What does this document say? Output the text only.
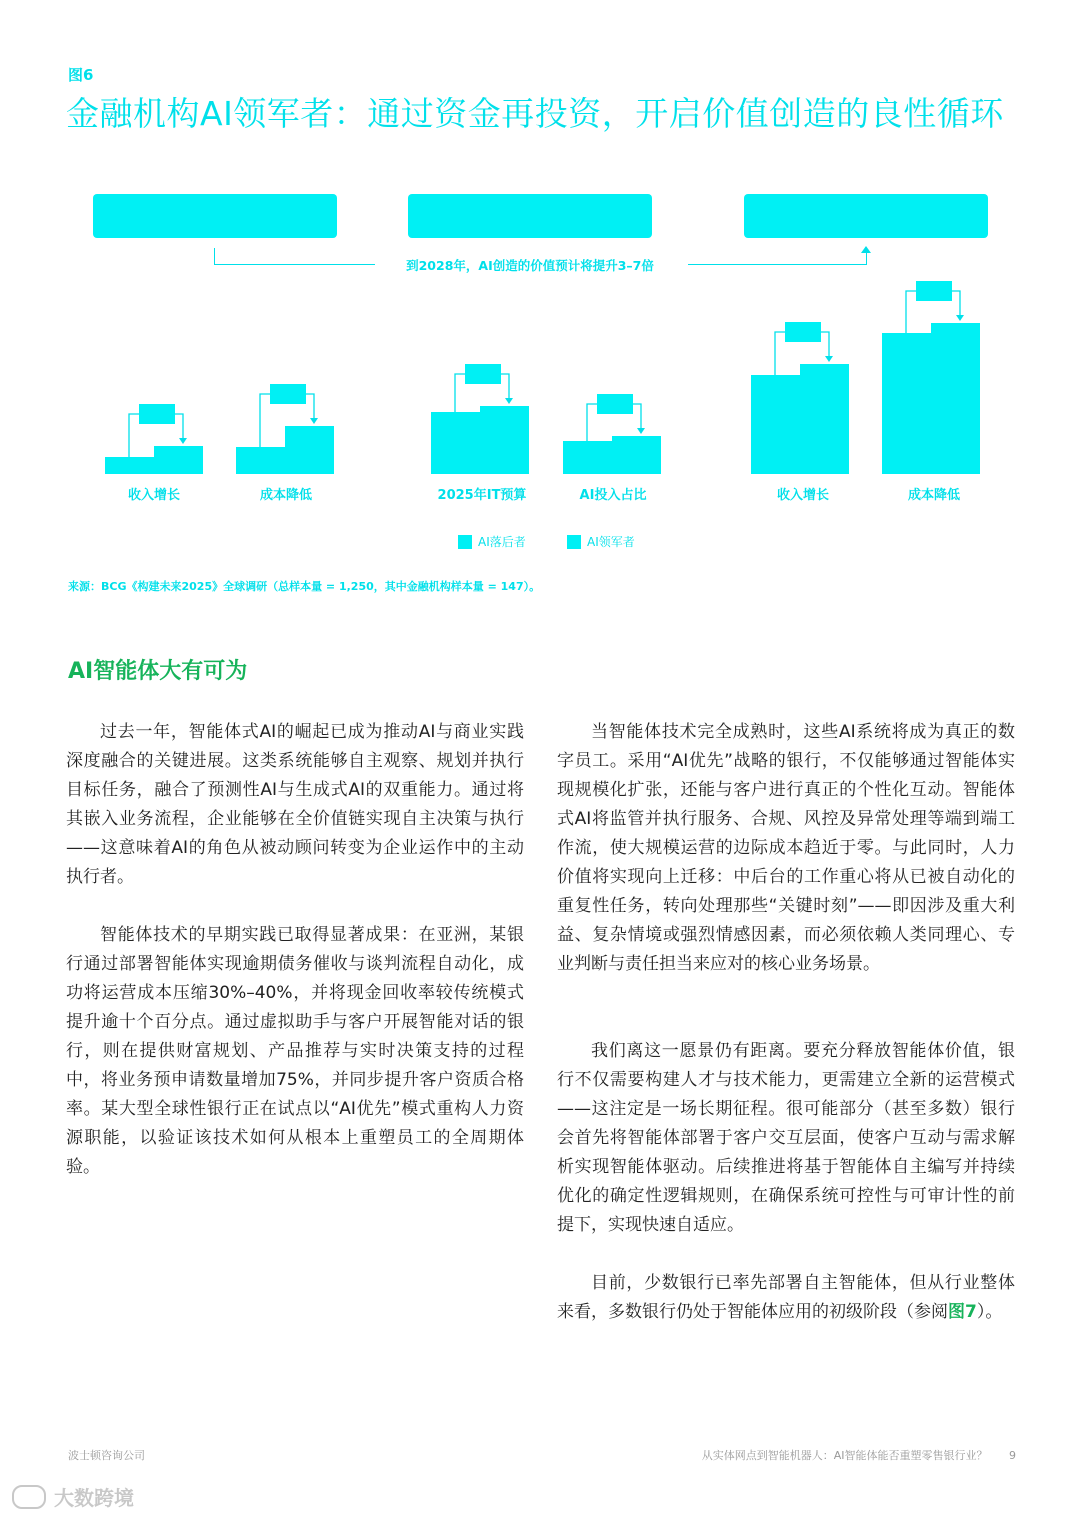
图6
金融机构AI领军者：通过资金再投资，开启价值创造的良性循环
到2028年，AI创造的价值预计将提升3–7倍
收入增长	成本降低	2025年IT预算	AI投入占比	收入增长	成本降低
AI落后者	AI领军者
来源：BCG《构建未来2025》全球调研（总样本量 = 1,250，其中金融机构样本量 = 147）。
AI智能体大有可为

过去一年，智能体式AI的崛起已成为推动AI与商业实践深度融合的关键进展。这类系统能够自主观察、规划并执行目标任务，融合了预测性AI与生成式AI的双重能力。通过将其嵌入业务流程，企业能够在全价值链实现自主决策与执行——这意味着AI的角色从被动顾问转变为企业运作中的主动执行者。

智能体技术的早期实践已取得显著成果：在亚洲，某银行通过部署智能体实现逾期债务催收与谈判流程自动化，成功将运营成本压缩30%–40%，并将现金回收率较传统模式提升逾十个百分点。通过虚拟助手与客户开展智能对话的银行，则在提供财富规划、产品推荐与实时决策支持的过程中，将业务预申请数量增加75%，并同步提升客户资质合格率。某大型全球性银行正在试点以“AI优先”模式重构人力资源职能，以验证该技术如何从根本上重塑员工的全周期体验。

当智能体技术完全成熟时，这些AI系统将成为真正的数字员工。采用“AI优先”战略的银行，不仅能够通过智能体实现规模化扩张，还能与客户进行真正的个性化互动。智能体式AI将监管并执行服务、合规、风控及异常处理等端到端工作流，使大规模运营的边际成本趋近于零。与此同时，人力价值将实现向上迁移：中后台的工作重心将从已被自动化的重复性任务，转向处理那些“关键时刻”——即因涉及重大利益、复杂情境或强烈情感因素，而必须依赖人类同理心、专业判断与责任担当来应对的核心业务场景。

我们离这一愿景仍有距离。要充分释放智能体价值，银行不仅需要构建人才与技术能力，更需建立全新的运营模式——这注定是一场长期征程。很可能部分（甚至多数）银行会首先将智能体部署于客户交互层面，使客户互动与需求解析实现智能体驱动。后续推进将基于智能体自主编写并持续优化的确定性逻辑规则，在确保系统可控性与可审计性的前提下，实现快速自适应。

目前，少数银行已率先部署自主智能体，但从行业整体来看，多数银行仍处于智能体应用的初级阶段（参阅图7）。

波士顿咨询公司	从实体网点到智能机器人：AI智能体能否重塑零售银行业？ 9
大数跨境
